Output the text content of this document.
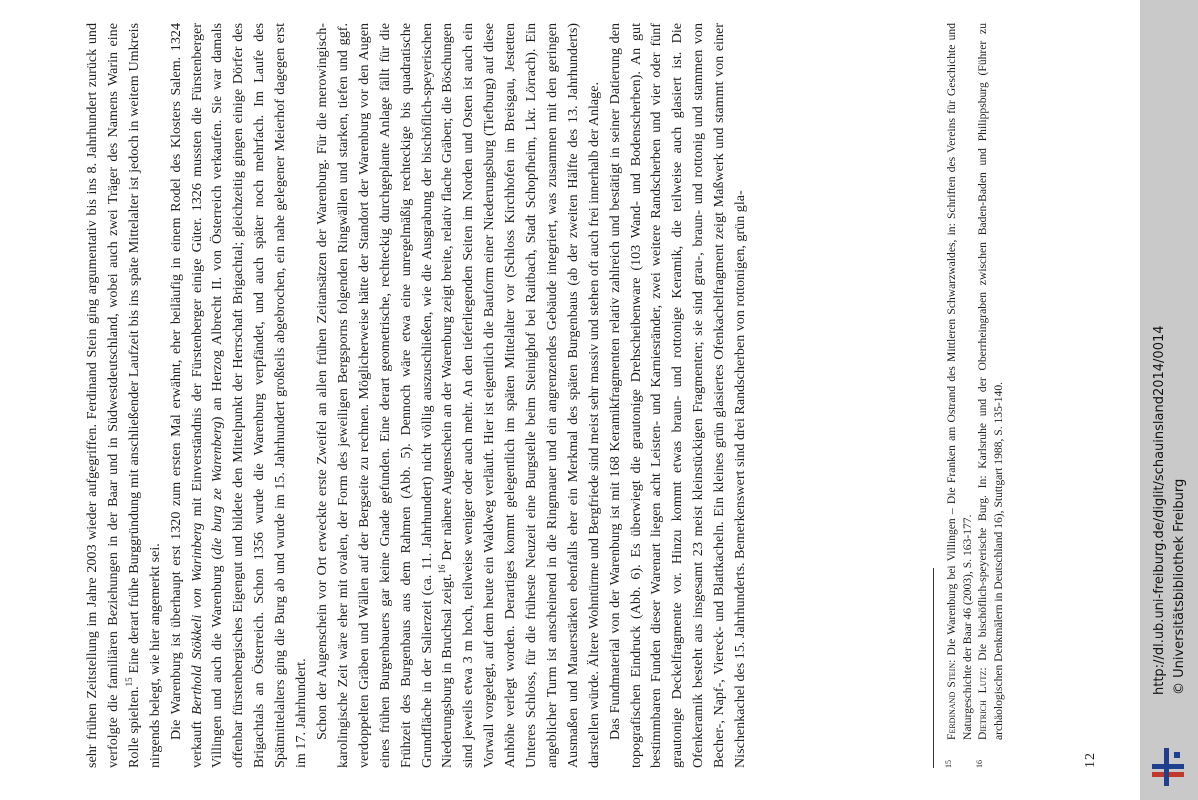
sehr frühen Zeitstellung im Jahre 2003 wieder aufgegriffen. Ferdinand Stein ging argumentativ bis ins 8. Jahrhundert zurück und verfolgte die familiären Beziehungen in der Baar und in Südwestdeutschland, wobei auch zwei Träger des Namens Warin eine Rolle spielten.$^{15}$ Eine derart frühe Burggründung mit anschließender Laufzeit bis ins späte Mittelalter ist jedoch in weitem Umkreis nirgends belegt, wie hier angemerkt sei. Die Warenburg ist überhaupt erst 1320 zum ersten Mal erwähnt, eher beiläufig in einem Rodel des Klosters Salem. 1324 verkauft Berthold Stökkeli von Warinberg mit Einverständnis der Fürstenberger einige Güter. 1326 mussten die Fürstenberger Villingen und auch die Warenburg (die burg ze Warenberg) an Herzog Albrecht II. von Österreich verkaufen. Sie war damals offenbar fürstenbergisches Eigengut und bildete den Mittelpunkt der Herrschaft Brigachtal; gleichzeitig gingen einige Dörfer des Brigachtals an Österreich. Schon 1356 wurde die Warenburg verpfändet, und auch später noch mehrfach. Im Laufe des Spätmittelalters ging die Burg ab und wurde im 15. Jahrhundert großteils abgebrochen, ein nahe gelegener Meierhof dagegen erst im 17. Jahrhundert. Schon der Augenschein vor Ort erweckte erste Zweifel an allen frühen Zeitansätzen der Warenburg. Für die merowingisch-karolingische Zeit wäre eher mit ovalen, der Form des jeweiligen Bergsporns folgenden Ringwällen und starken, tiefen und ggf. verdoppelten Gräben und Wällen auf der Bergseite zu rechnen. Möglicherweise hätte der Standort der Warenburg vor den Augen eines frühen Burgenbauers gar keine Gnade gefunden. Eine derart geometrische, rechteckig durchgeplante Anlage fällt für die Frühzeit des Burgenbaus aus dem Rahmen (Abb. 5). Dennoch wäre etwa eine unregelmäßig rechteckige bis quadratische Grundfläche in der Salierzeit (ca. 11. Jahrhundert) nicht völlig auszuschließen, wie die Ausgrabung der bischöflich-speyerischen Niederungsburg in Bruchsal zeigt.$^{16}$ Der nähere Augenschein an der Warenburg zeigt breite, relativ flache Gräben; die Böschungen sind jeweils etwa 3 m hoch, teilweise weniger oder auch mehr. An den tieferliegenden Seiten im Norden und Osten ist auch ein Vorwall vorgelegt, auf dem heute ein Waldweg verläuft. Hier ist eigentlich die Bauform einer Niederungsburg (Tiefburg) auf diese Anhöhe verlegt worden. Derartiges kommt gelegentlich im späten Mittelalter vor (Schloss Kirchhofen im Breisgau, Jestetten Unteres Schloss, für die früheste Neuzeit eine Burgstelle beim Steinighof bei Raitbach, Stadt Schopfheim, Lkr. Lörrach). Ein angeblicher Turm ist anscheinend in die Ringmauer und ein angrenzendes Gebäude integriert, was zusammen mit den geringen Ausmaßen und Mauerstärken ebenfalls eher ein Merkmal des späten Burgenbaus (ab der zweiten Hälfte des 13. Jahrhunderts) darstellen würde. Ältere Wohntürme und Bergfriede sind meist sehr massiv und stehen oft auch frei innerhalb der Anlage. Das Fundmaterial von der Warenburg ist mit 168 Keramikfragmenten relativ zahlreich und bestätigt in seiner Datierung den topografischen Eindruck (Abb. 6). Es überwiegt die grautonige Drehscheibenware (103 Wand- und Bodenscherben). An gut bestimmbaren Funden dieser Warenart liegen acht Leisten- und Karniesränder, zwei weitere Randscherben und vier oder fünf grautonige Deckelfragmente vor. Hinzu kommt etwas braun- und rottonige Keramik, die teilweise auch glasiert ist. Die Ofenkeramik besteht aus insgesamt 23 meist kleinstückigen Fragmenten; sie sind grau-, braun- und rottonig und stammen von Becher-, Napf-, Viereck- und Blattkacheln. Ein kleines grün glasiertes Ofenkachelfragment zeigt Maßwerk und stammt von einer Nischenkachel des 15. Jahrhunderts. Bemerkenswert sind drei Randscherben von rottonigen, grün gla-	15
Ferdinand Stein: Die Warenburg bei Villingen – Die Franken am Ostrand des Mittleren Schwarzwaldes, in: Schriften des Vereins für Geschichte und Naturgeschichte der Baar 46 (2003), S. 163-177.
16
Dietrich Lutz: Die bischöflich-speyerische Burg. In: Karlsruhe und der Oberrheingraben zwischen Baden-Baden und Philippsburg (Führer zu archäologischen Denkmälern in Deutschland 16), Stuttgart 1988, S. 135-140.
12
http://dl.ub.uni-freiburg.de/diglit/schauinsland2014/0014 © Universitätsbibliothek Freiburg
